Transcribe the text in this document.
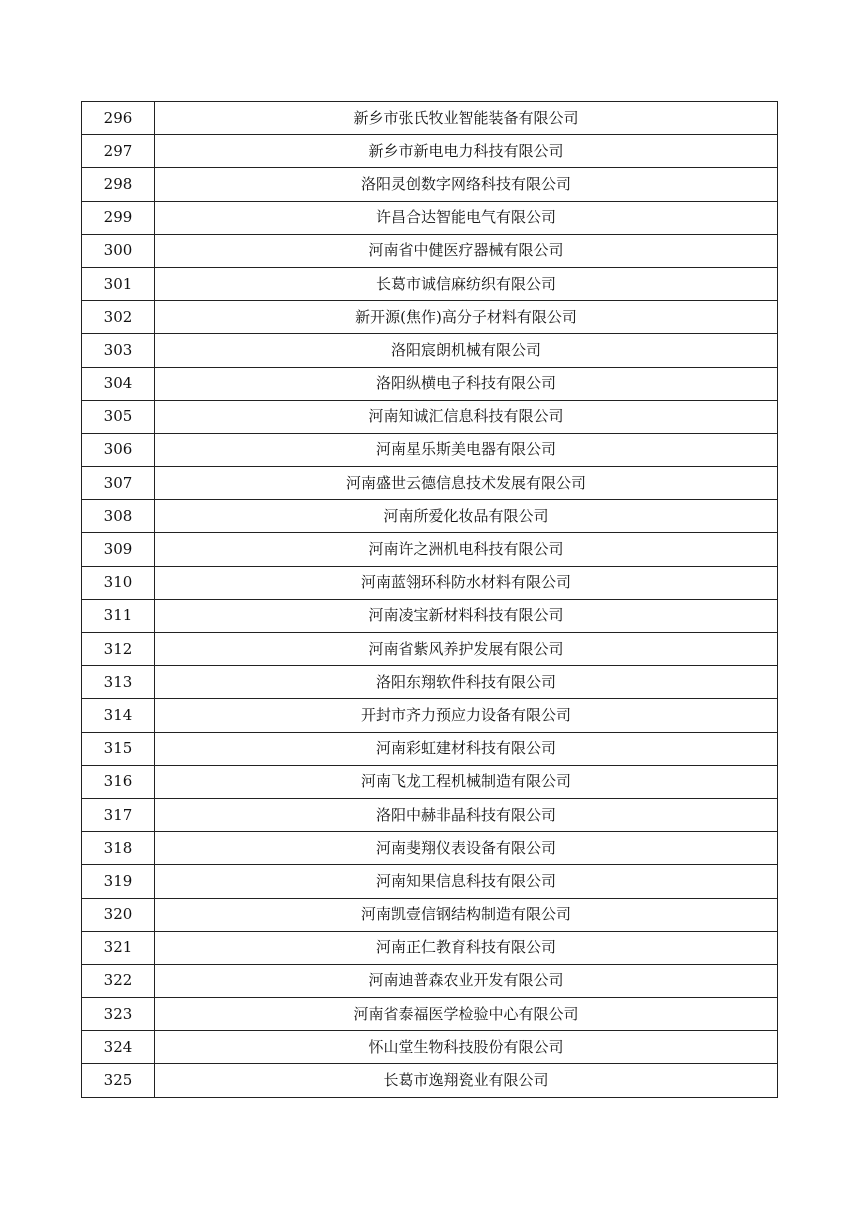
296	新乡市张氏牧业智能装备有限公司
297	新乡市新电电力科技有限公司
298	洛阳灵创数字网络科技有限公司
299	许昌合达智能电气有限公司
300	河南省中健医疗器械有限公司
301	长葛市诚信麻纺织有限公司
302	新开源(焦作)高分子材料有限公司
303	洛阳宸朗机械有限公司
304	洛阳纵横电子科技有限公司
305	河南知诚汇信息科技有限公司
306	河南星乐斯美电器有限公司
307	河南盛世云德信息技术发展有限公司
308	河南所爱化妆品有限公司
309	河南许之洲机电科技有限公司
310	河南蓝翎环科防水材料有限公司
311	河南凌宝新材料科技有限公司
312	河南省紫风养护发展有限公司
313	洛阳东翔软件科技有限公司
314	开封市齐力预应力设备有限公司
315	河南彩虹建材科技有限公司
316	河南飞龙工程机械制造有限公司
317	洛阳中赫非晶科技有限公司
318	河南斐翔仪表设备有限公司
319	河南知果信息科技有限公司
320	河南凯壹信钢结构制造有限公司
321	河南正仁教育科技有限公司
322	河南迪普森农业开发有限公司
323	河南省泰福医学检验中心有限公司
324	怀山堂生物科技股份有限公司
325	长葛市逸翔瓷业有限公司
